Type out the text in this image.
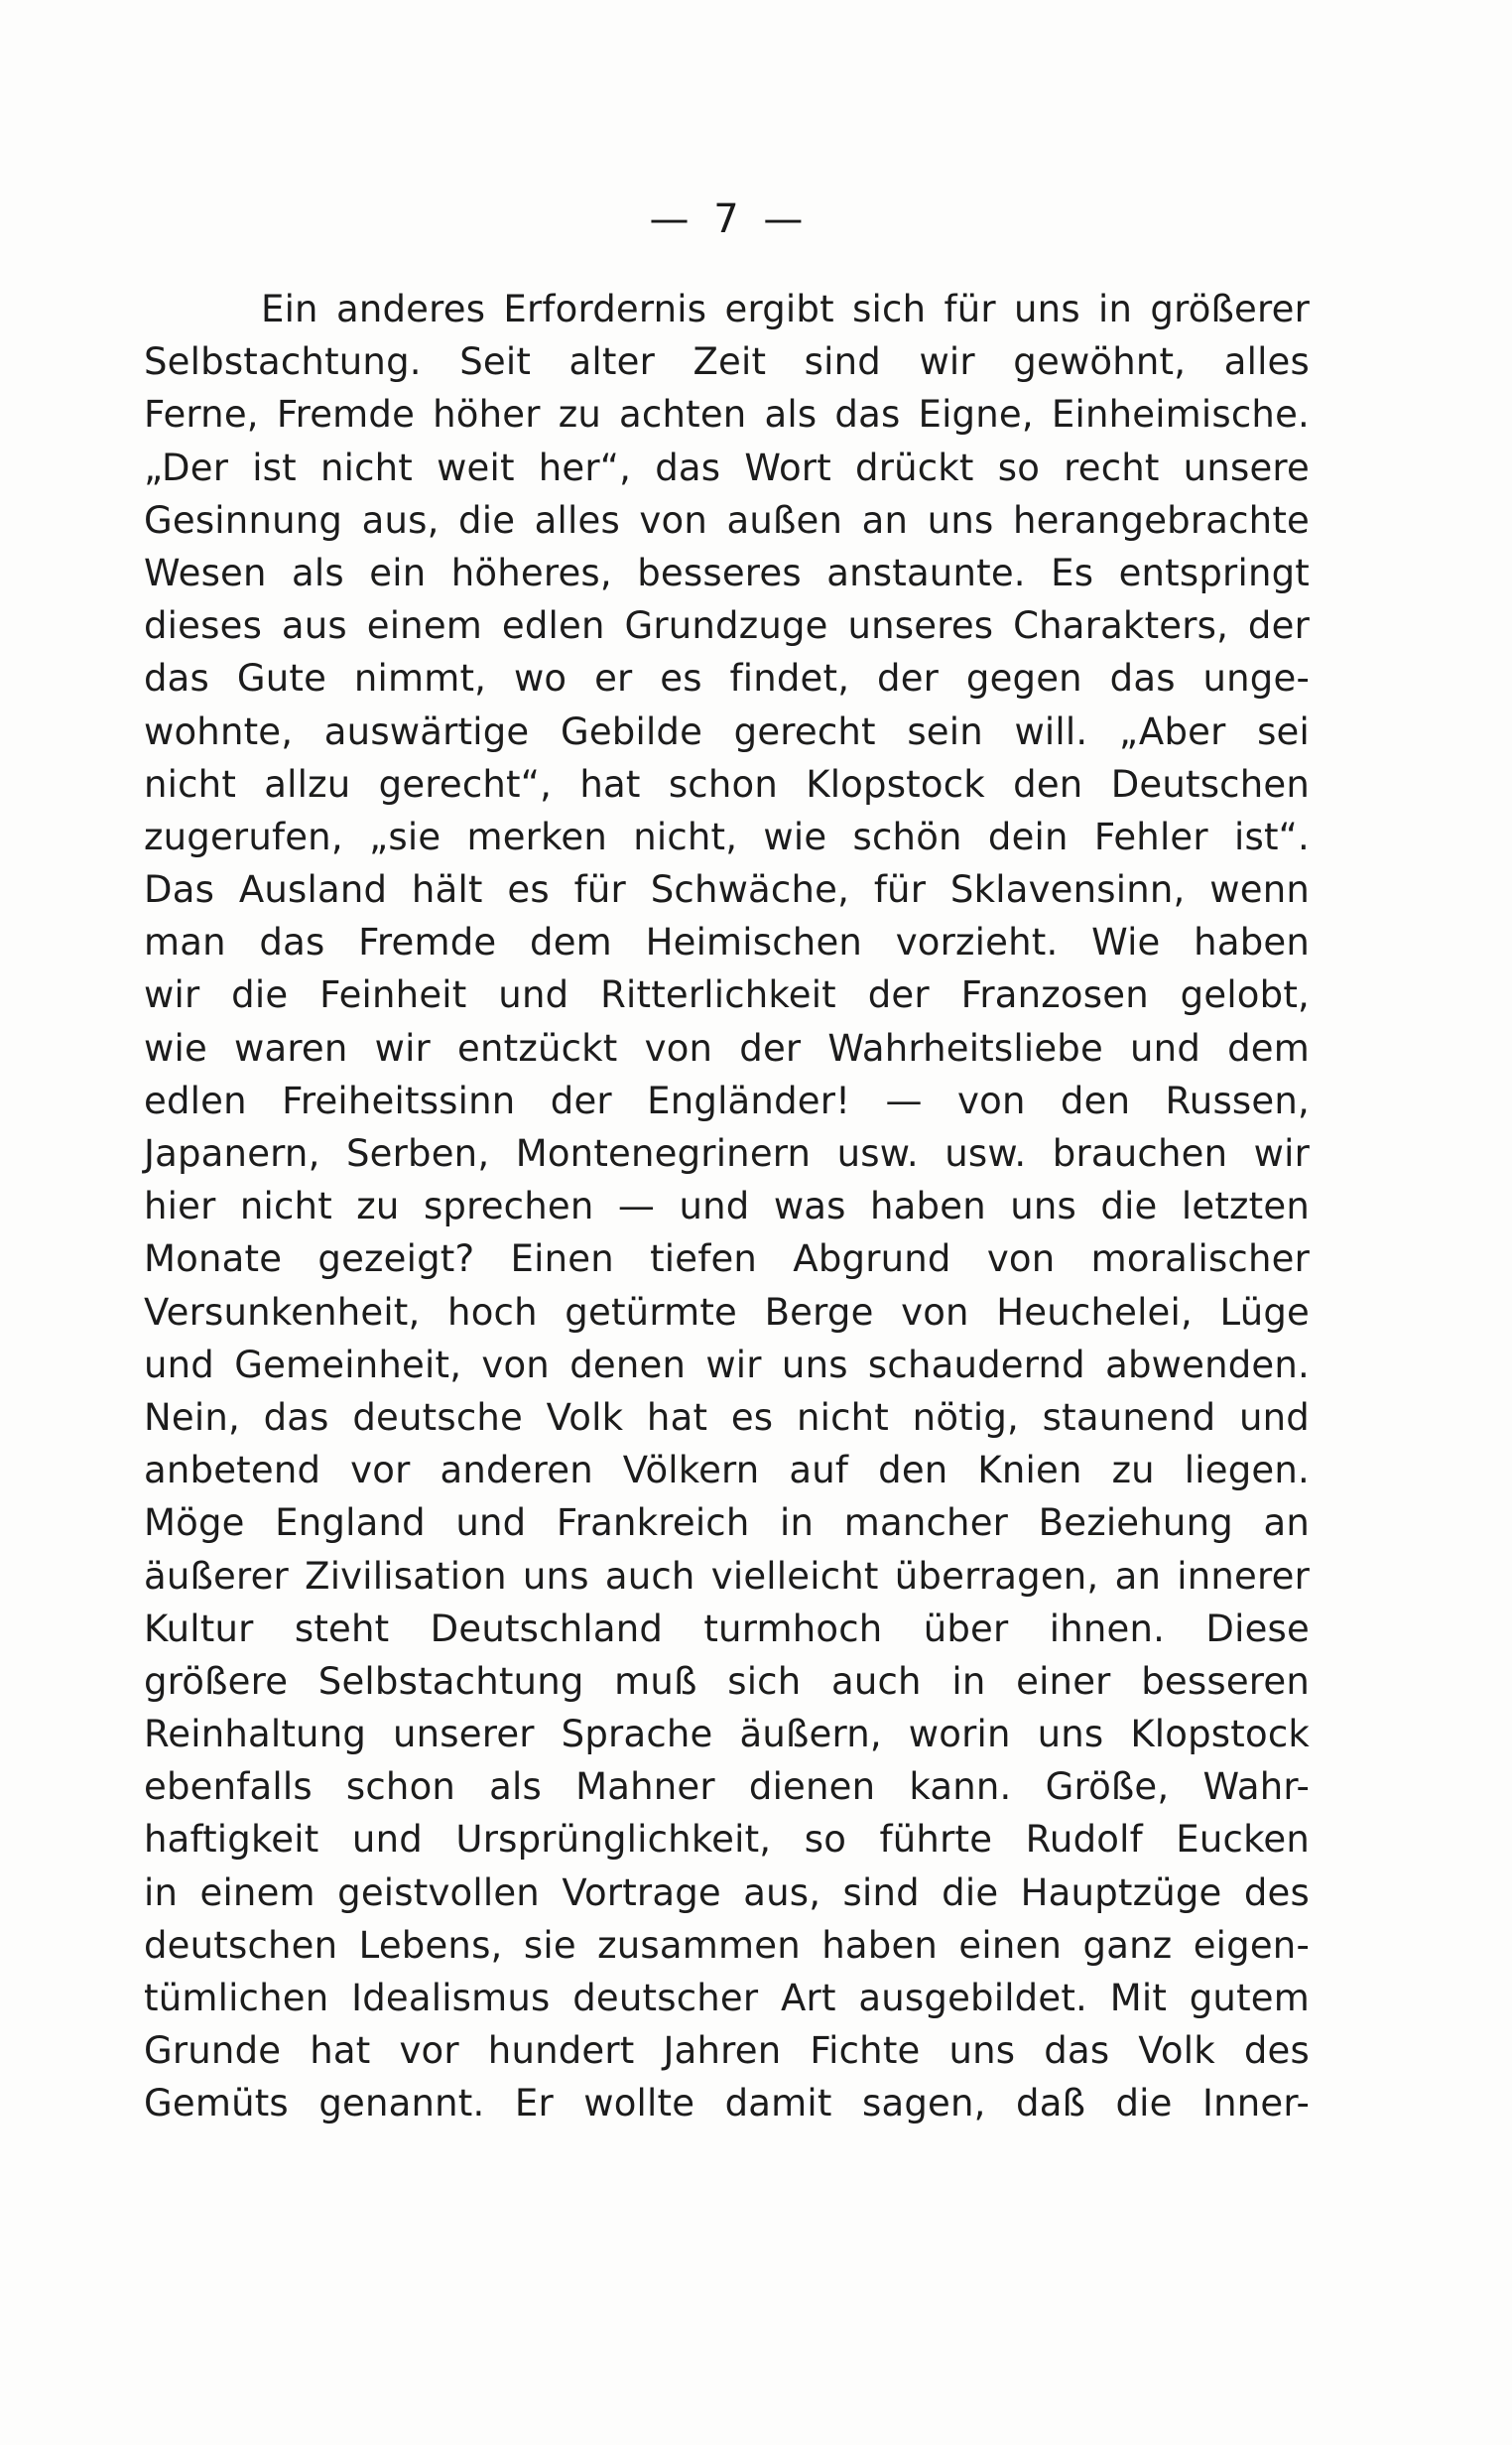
— 7 —
Ein anderes Erfordernis ergibt sich für uns in größerer
Selbstachtung. Seit alter Zeit sind wir gewöhnt, alles
Ferne, Fremde höher zu achten als das Eigne, Einheimische.
„Der ist nicht weit her“, das Wort drückt so recht unsere
Gesinnung aus, die alles von außen an uns herangebrachte
Wesen als ein höheres, besseres anstaunte. Es entspringt
dieses aus einem edlen Grundzuge unseres Charakters, der
das Gute nimmt, wo er es findet, der gegen das unge-
wohnte, auswärtige Gebilde gerecht sein will. „Aber sei
nicht allzu gerecht“, hat schon Klopstock den Deutschen
zugerufen, „sie merken nicht, wie schön dein Fehler ist“.
Das Ausland hält es für Schwäche, für Sklavensinn, wenn
man das Fremde dem Heimischen vorzieht. Wie haben
wir die Feinheit und Ritterlichkeit der Franzosen gelobt,
wie waren wir entzückt von der Wahrheitsliebe und dem
edlen Freiheitssinn der Engländer! — von den Russen,
Japanern, Serben, Montenegrinern usw. usw. brauchen wir
hier nicht zu sprechen — und was haben uns die letzten
Monate gezeigt? Einen tiefen Abgrund von moralischer
Versunkenheit, hoch getürmte Berge von Heuchelei, Lüge
und Gemeinheit, von denen wir uns schaudernd abwenden.
Nein, das deutsche Volk hat es nicht nötig, staunend und
anbetend vor anderen Völkern auf den Knien zu liegen.
Möge England und Frankreich in mancher Beziehung an
äußerer Zivilisation uns auch vielleicht überragen, an innerer
Kultur steht Deutschland turmhoch über ihnen. Diese
größere Selbstachtung muß sich auch in einer besseren
Reinhaltung unserer Sprache äußern, worin uns Klopstock
ebenfalls schon als Mahner dienen kann. Größe, Wahr-
haftigkeit und Ursprünglichkeit, so führte Rudolf Eucken
in einem geistvollen Vortrage aus, sind die Hauptzüge des
deutschen Lebens, sie zusammen haben einen ganz eigen-
tümlichen Idealismus deutscher Art ausgebildet. Mit gutem
Grunde hat vor hundert Jahren Fichte uns das Volk des
Gemüts genannt. Er wollte damit sagen, daß die Inner-
